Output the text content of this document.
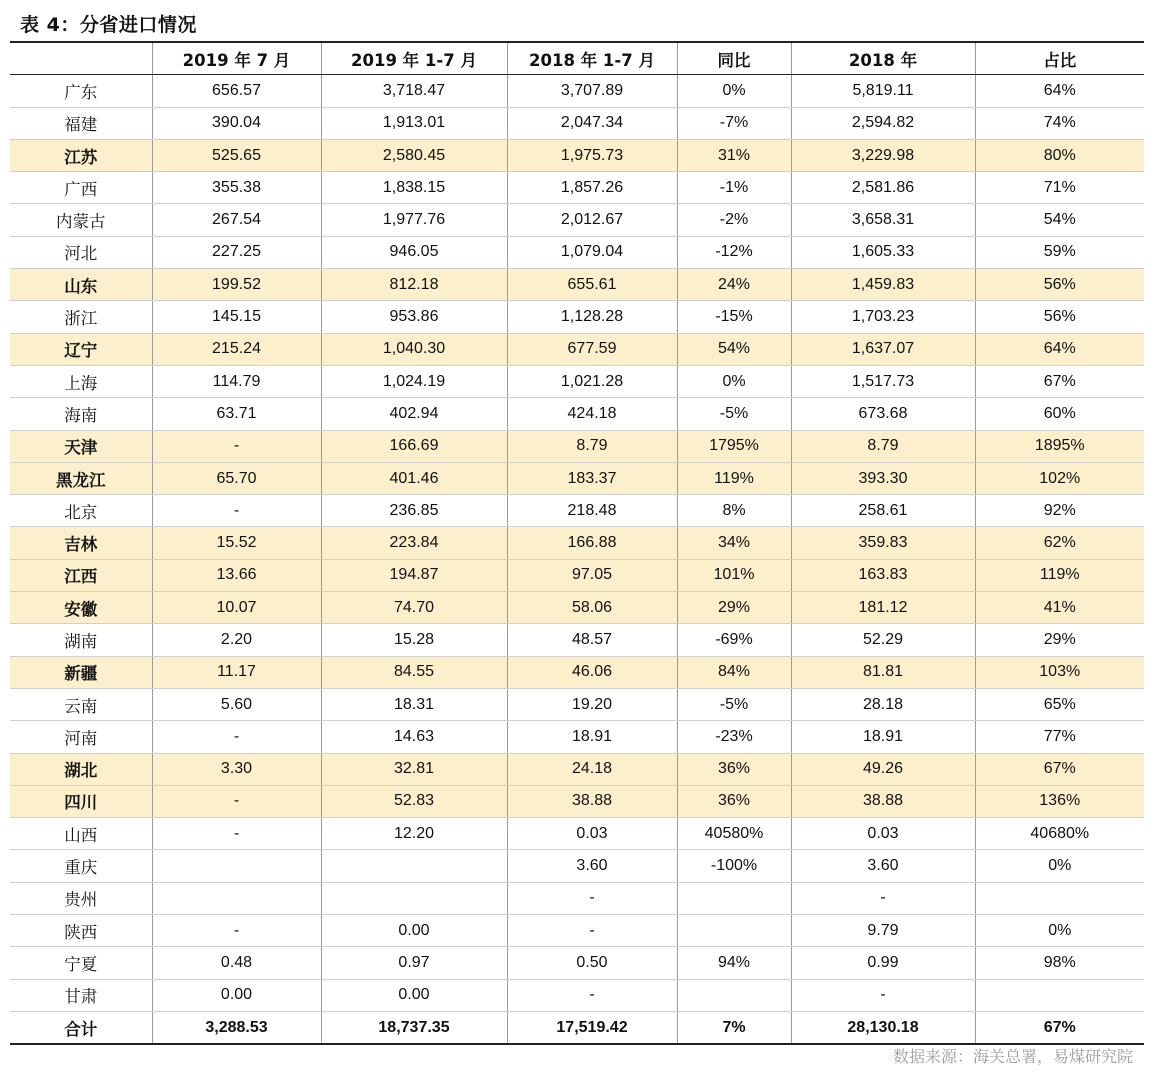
表 4：分省进口情况
	2019 年 7 月	2019 年 1-7 月	2018 年 1-7 月	同比	2018 年	占比
广东	656.57	3,718.47	3,707.89	0%	5,819.11	64%
福建	390.04	1,913.01	2,047.34	-7%	2,594.82	74%
江苏	525.65	2,580.45	1,975.73	31%	3,229.98	80%
广西	355.38	1,838.15	1,857.26	-1%	2,581.86	71%
内蒙古	267.54	1,977.76	2,012.67	-2%	3,658.31	54%
河北	227.25	946.05	1,079.04	-12%	1,605.33	59%
山东	199.52	812.18	655.61	24%	1,459.83	56%
浙江	145.15	953.86	1,128.28	-15%	1,703.23	56%
辽宁	215.24	1,040.30	677.59	54%	1,637.07	64%
上海	114.79	1,024.19	1,021.28	0%	1,517.73	67%
海南	63.71	402.94	424.18	-5%	673.68	60%
天津	-	166.69	8.79	1795%	8.79	1895%
黑龙江	65.70	401.46	183.37	119%	393.30	102%
北京	-	236.85	218.48	8%	258.61	92%
吉林	15.52	223.84	166.88	34%	359.83	62%
江西	13.66	194.87	97.05	101%	163.83	119%
安徽	10.07	74.70	58.06	29%	181.12	41%
湖南	2.20	15.28	48.57	-69%	52.29	29%
新疆	11.17	84.55	46.06	84%	81.81	103%
云南	5.60	18.31	19.20	-5%	28.18	65%
河南	-	14.63	18.91	-23%	18.91	77%
湖北	3.30	32.81	24.18	36%	49.26	67%
四川	-	52.83	38.88	36%	38.88	136%
山西	-	12.20	0.03	40580%	0.03	40680%
重庆			3.60	-100%	3.60	0%
贵州			-		-	
陕西	-	0.00	-		9.79	0%
宁夏	0.48	0.97	0.50	94%	0.99	98%
甘肃	0.00	0.00	-		-	
合计	3,288.53	18,737.35	17,519.42	7%	28,130.18	67%
数据来源：海关总署，易煤研究院
